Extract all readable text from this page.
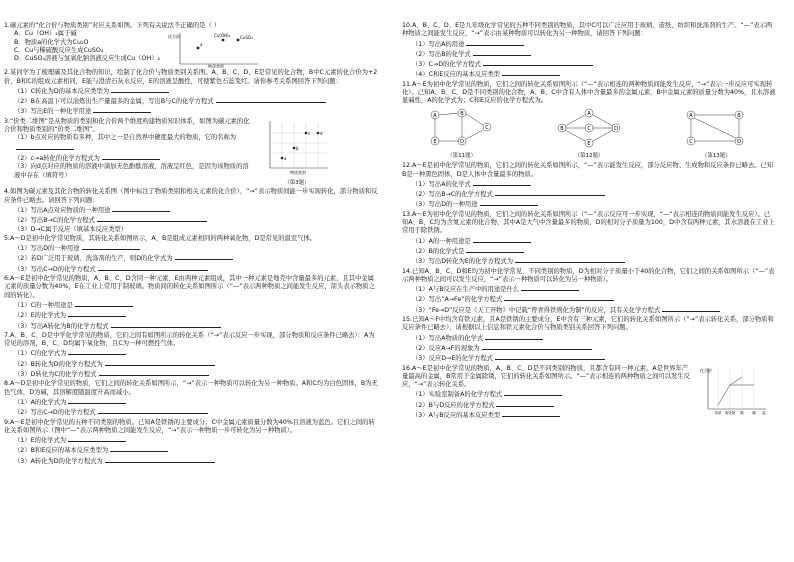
1.碳元素的“化合价与物质类别”对应关系如图。下列有关说法不正确的是（ ）
A．Cu（OH）₂属于碱
B．物质a的化学式为Cu₂O
C．Cu与稀硫酸反应生成CuSO₄
D．CuSO₄溶液与氢氧化钠溶液反应生成Cu（OH）₂
a
CuSO₄
Cu(OH)₂
物质类别
化合价
2.某同学为了梳理碳及其化合物的知识，绘制了化合价与物质类别关系图。A、B、C、D、E是常见的化合物，B中C元素的化合价为+2价，B和C的组成元素相同，E能与澄清石灰水反应，E的溶液呈酸性，可使紫色石蕊变红。请你参考关系图回答下列问题：
（1）C转化为D的基本反应类型为
（2）B在高温下可以冶炼出生产量最多的金属，写出B与C的化学方程式
（3）写出E的一种化学用途
3.“价类二维图”是从物质的类别和化合价两个维度构建物质知识体系，如图为碳元素的化合价和物质类别的“价类二维图”。
（1）b点对应的物质有多种，其中之一是自然界中硬度最大的物质，它的名称为
（2）c→a转化的化学方程式为
（3）向d点对应的物质的溶液中滴加无色酚酞溶液，溶液呈红色，是因为该物质的溶液中存在（填符号）
a
b
c d
物质类别
（第3题）
4.如图为碳元素及其化合物的转化关系图（图中标注了物质类别和相关元素的化合价），“→”表示物质间能一步实现转化，部分物质和反应条件已略去。请回答下列问题：
（1）写出A点对应物质的一种用途
（2）写出B→C的化学方程式
（3）D→C属于反应（填基本反应类型）
5.A～D是初中化学常见物质，其转化关系如图所示，A、B是组成元素相同的两种氧化物，D是常见的温室气体。
（1）写出D的一种用途
（2）若D广泛用于玻璃、洗涤剂的生产，则D的化学式为
（3）写出C→D的化学方程式
6.A～E是初中化学常见的物质，A、B、C、D含同一种元素，E由两种元素组成，其中一种元素是地壳中含量最多的元素，且其中金属元素的质量分数为40%，E在工业上常用于制玻璃。物质间的转化关系如图所示（“—”表示两种物质之间能发生反应，箭头表示物质之间的转化）。
（1）C的一种用途是
（2）E的化学式为
（3）写出A转化为B的化学方程式
7.A、B、C、D是中学化学常见的物质，它们之间有如图所示的转化关系（“→”表示反应一步实现，部分物质和反应条件已略去）：A为常见的溶剂，B、C、D均属于氧化物，且C为一种可燃性气体。
（1）C的化学式为
（2）B转化为D的化学方程式为
（3）D转化为C的化学方程式
8.A～D是初中化学常见的物质，它们之间的转化关系如图所示，“→”表示一种物质可以转化为另一种物质。A和C均为白色固体，B为无色气体，D为碱，其溶解度随温度升高而减小。
（1）A的化学式为
（2）写出C→D的化学方程式
9.A～E是初中化学常见的五种不同类别的物质。已知A是铁锈的主要成分；C中金属元素质量分数为40%且溶液为蓝色。它们之间的转化关系如图所示（图中“—”表示两种物质之间能发生反应，“→”表示一种物质一步可转化为另一种物质）。
（1）E的化学式为
（2）B和E反应的基本反应类型为
（3）A转化为D的化学方程式为
10.A、B、C、D、E是九年级化学常见的五种不同类别的物质，其中C可以广泛应用于玻璃、造纸、纺织和洗涤剂的生产。“—”表示两种物质之间能发生反应，“→”表示由某种物质可以转化为另一种物质，请回答下列问题：
（1）写出A的用途
（2）写出B的化学式
（3）C→D的化学方程式
（4）C和E反应的基本反应类型
11.A～E为初中化学常见的物质，它们之间的转化关系如图所示（“—”表示相连的两种物质间能发生反应，“→”表示一步反应可实现转化）。已知A、B、C、D是不同类别的化合物，A、B、C中含有人体中含量最多的金属元素，B中金属元素的质量分数为40%，且水溶液显碱性，A的化学式为；C和E反应的化学方程式为。
A	B
C
D
E
（第11题）
A
B	C	D
E
（第12题）
A	B
C	D
（第13题）
12.A～E是初中化学常见的物质，它们之间的转化关系如图所示，“—”表示能发生反应，部分反应物、生成物和反应条件已略去。已知B是一种黑色固体，D是人体中含量最多的物质。
（1）写出A的化学式
（2）写出B→C的化学方程式
（3）写出D的一种用途
13.A～E为初中化学常见的物质，它们之间的转化关系如图所示（“—”表示反应可一步实现，“—”表示相连的物质间能发生反应）。已知A、B、C均为含氮元素的化合物，其中A是大气中含量最多的物质，D的相对分子质量为100，D中含有两种元素，其水溶液在工业上常用于除铁锈。
（1）A的一种用途是
（2）B的化学式是
（3）写出D转化为E的化学方程式为
14.已知A、B、C、D和E均为初中化学常见、不同类别的物质，D为相对分子质量小于40的化合物，它们之间的关系如图所示（“—”表示两种物质之间可以发生反应，“→”表示一种物质可以转化为另一种物质）。
（1）A与B反应在生产中的用途是什么
（2）写出“A→Fe”的化学方程式
（3）“Fe→D”反应是《天工开物》中记载“曾青得铁则化为铜”的反应，其有关化学方程式
15.已知A～F中均含有铁元素，且A是铁锈的主要成分，E中含有三种元素，它们的转化关系如图所示（“→”表示转化关系，部分物质和反应条件已略去），请根据以上信息和铁元素化合价与物质类别关系回答下列问题。
（1）写出A物质的化学式
（2）反应A→F的现象为
（3）反应D→E的化学方程式
16.A～E是初中化学常见的物质，A、B、C、D是不同类别的物质，且都含有同一种元素，A是世界年产量最高的金属，B常用于金属除锈，它们的转化关系如图所示。“—”表示相连的两种物质之间可以发生反应，“→”表示转化关系。
（1）实验室制备A的化学方程式
（2）B与D反应的化学方程式
（3）A与B反应的基本反应类型
化合价
单质 氧化物 酸 碱 盐
